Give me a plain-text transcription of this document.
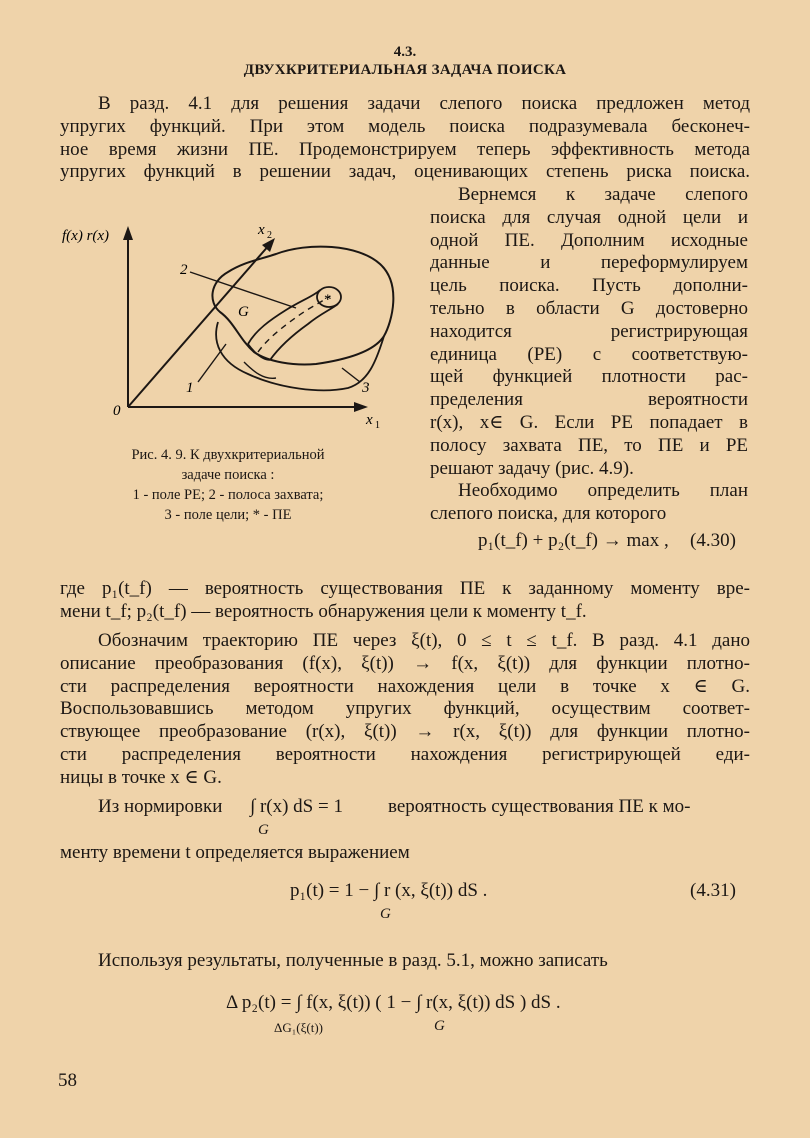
4.3.
ДВУХКРИТЕРИАЛЬНАЯ ЗАДАЧА ПОИСКА
В разд. 4.1 для решения задачи слепого поиска предложен метод
упругих функций. При этом модель поиска подразумевала бесконеч-
ное время жизни ПЕ. Продемонстрируем теперь эффективность метода
упругих функций в решении задач, оценивающих степень риска поиска.
f(x) r(x)	x 2
x 1
0
G
2
1	3
*
Рис. 4. 9. К двухкритериальной
задаче поиска :
1 - поле РЕ; 2 - полоса захвата;
3 - поле цели; * - ПЕ
Вернемся к задаче слепого
поиска для случая одной цели и
одной ПЕ. Дополним исходные
данные и переформулируем
цель поиска. Пусть дополни-
тельно в области G достоверно
находится регистрирующая
единица (РЕ) с соответствую-
щей функцией плотности рас-
пределения вероятности
r(x), x∈ G. Если РЕ попадает в
полосу захвата ПЕ, то ПЕ и РЕ
решают задачу (рис. 4.9).
Необходимо определить план
слепого поиска, для которого
p₁(t_f) + p₂(t_f) → max , (4.30)
где p₁(t_f) — вероятность существования ПЕ к заданному моменту вре-
мени t_f; p₂(t_f) — вероятность обнаружения цели к моменту t_f.
Обозначим траекторию ПЕ через ξ(t), 0 ≤ t ≤ t_f. В разд. 4.1 дано
описание преобразования (f(x), ξ(t)) → f(x, ξ(t)) для функции плотно-
сти распределения вероятности нахождения цели в точке x ∈ G.
Воспользовавшись методом упругих функций, осуществим соответ-
ствующее преобразование (r(x), ξ(t)) → r(x, ξ(t)) для функции плотно-
сти распределения вероятности нахождения регистрирующей еди-
ницы в точке x ∈ G.
Из нормировки ∫ r(x) dS = 1
G
вероятность существования ПЕ к мо-
менту времени t определяется выражением
p₁(t) = 1 − ∫ r (x, ξ(t)) dS .
G
(4.31)
Используя результаты, полученные в разд. 5.1, можно записать
Δ p₂(t) = ∫ f(x, ξ(t)) ( 1 − ∫ r(x, ξ(t)) dS ) dS .
ΔG₁(ξ(t))	G
58
